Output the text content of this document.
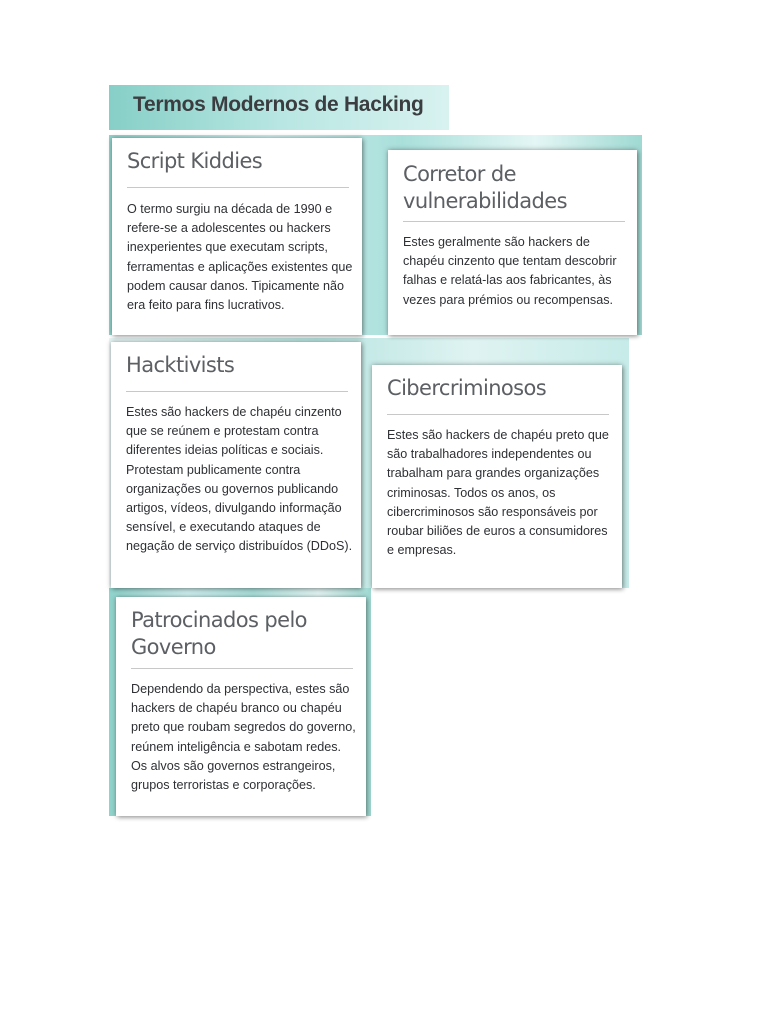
Termos Modernos de Hacking
Script Kiddies
O termo surgiu na década de 1990 e refere-se a adolescentes ou hackers inexperientes que executam scripts, ferramentas e aplicações existentes que podem causar danos. Tipicamente não era feito para fins lucrativos.
Corretor de vulnerabilidades
Estes geralmente são hackers de chapéu cinzento que tentam descobrir falhas e relatá-las aos fabricantes, às vezes para prémios ou recompensas.
Hacktivists
Estes são hackers de chapéu cinzento que se reúnem e protestam contra diferentes ideias políticas e sociais. Protestam publicamente contra organizações ou governos publicando artigos, vídeos, divulgando informação sensível, e executando ataques de negação de serviço distribuídos (DDoS).
Cibercriminosos
Estes são hackers de chapéu preto que são trabalhadores independentes ou trabalham para grandes organizações criminosas. Todos os anos, os cibercriminosos são responsáveis por roubar biliões de euros a consumidores e empresas.
Patrocinados pelo Governo
Dependendo da perspectiva, estes são hackers de chapéu branco ou chapéu preto que roubam segredos do governo, reúnem inteligência e sabotam redes. Os alvos são governos estrangeiros, grupos terroristas e corporações.
